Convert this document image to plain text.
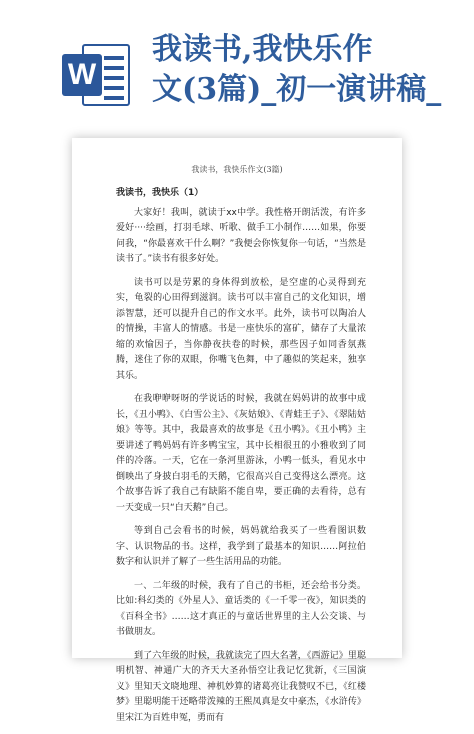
W
我读书,我快乐作
文(3篇)_初一演讲稿_
我读书，我快乐作文(3篇)
我读书，我快乐（1）

大家好！我叫，就读于xx中学。我性格开朗活泼，有许多爱好····绘画，打羽毛球、听歌、做手工小制作……如果，你要问我，“你最喜欢干什么啊？”我便会你恢复你一句话，“当然是读书了。”读书有很多好处。

读书可以是劳累的身体得到放松，是空虚的心灵得到充实，龟裂的心田得到滋润。读书可以丰富自己的文化知识，增添智慧，还可以提升自己的作文水平。此外，读书可以陶冶人的情操，丰富人的情感。书是一座快乐的富矿，储存了大量浓缩的欢愉因子，当你静夜扶卷的时候，那些因子如同香氛燕腾，迷住了你的双眼，你嘴飞色舞，中了趣似的笑起来，独享其乐。

在我咿咿呀呀的学说话的时候，我就在妈妈讲的故事中成长，《丑小鸭》、《白雪公主》、《灰姑娘》、《青蛙王子》、《翠陆姑娘》等等。其中，我最喜欢的故事是《丑小鸭》。《丑小鸭》主要讲述了鸭妈妈有许多鸭宝宝，其中长相很丑的小雅收到了同伴的冷落。一天，它在一条河里游泳，小鸭一低头，看见水中倒映出了身披白羽毛的天鹅，它很高兴自己变得这么漂亮。这个故事告诉了我自己有缺陷不能自卑，要正确的去看待，总有一天变成一只“白天鹅”自己。

等到自己会看书的时候，妈妈就给我买了一些看图识数字、认识物品的书。这样，我学到了最基本的知识……阿拉伯数字和认识并了解了一些生活用品的功能。

一、二年级的时候，我有了自己的书柜，还会给书分类。比如:科幻类的《外星人》、童话类的《一千零一夜》，知识类的《百科全书》……这才真正的与童话世界里的主人公交谈、与书做朋友。

到了六年级的时候，我就读完了四大名著，《西游记》里聪明机智、神通广大的齐天大圣孙悟空让我记忆犹新，《三国演义》里知天文晓地理、神机妙算的诸葛亮让我赞叹不已，《红楼梦》里聪明能干还略带泼辣的王熙凤真是女中豪杰，《水浒传》里宋江为百姓申冤，勇而有
